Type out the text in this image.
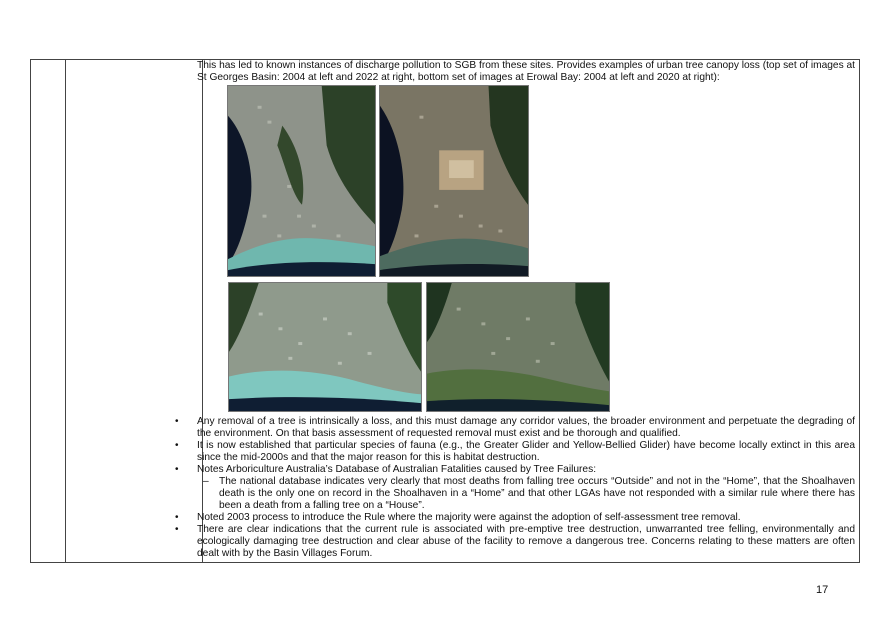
This has led to known instances of discharge pollution to SGB from these sites. Provides examples of urban tree canopy loss (top set of images at St Georges Basin: 2004 at left and 2022 at right, bottom set of images at Erowal Bay: 2004 at left and 2020 at right):

• Any removal of a tree is intrinsically a loss, and this must damage any corridor values, the broader environment and perpetuate the degrading of the environment. On that basis assessment of requested removal must exist and be thorough and qualified.
• It is now established that particular species of fauna (e.g., the Greater Glider and Yellow-Bellied Glider) have become locally extinct in this area since the mid-2000s and that the major reason for this is habitat destruction.
• Notes Arboriculture Australia’s Database of Australian Fatalities caused by Tree Failures:
– The national database indicates very clearly that most deaths from falling tree occurs “Outside” and not in the “Home”, that the Shoalhaven death is the only one on record in the Shoalhaven in a “Home” and that other LGAs have not responded with a similar rule where there has been a death from a falling tree on a “House”.
• Noted 2003 process to introduce the Rule where the majority were against the adoption of self-assessment tree removal.
• There are clear indications that the current rule is associated with pre-emptive tree destruction, unwarranted tree felling, environmentally and ecologically damaging tree destruction and clear abuse of the facility to remove a dangerous tree. Concerns relating to these matters are often dealt with by the Basin Villages Forum.
17
